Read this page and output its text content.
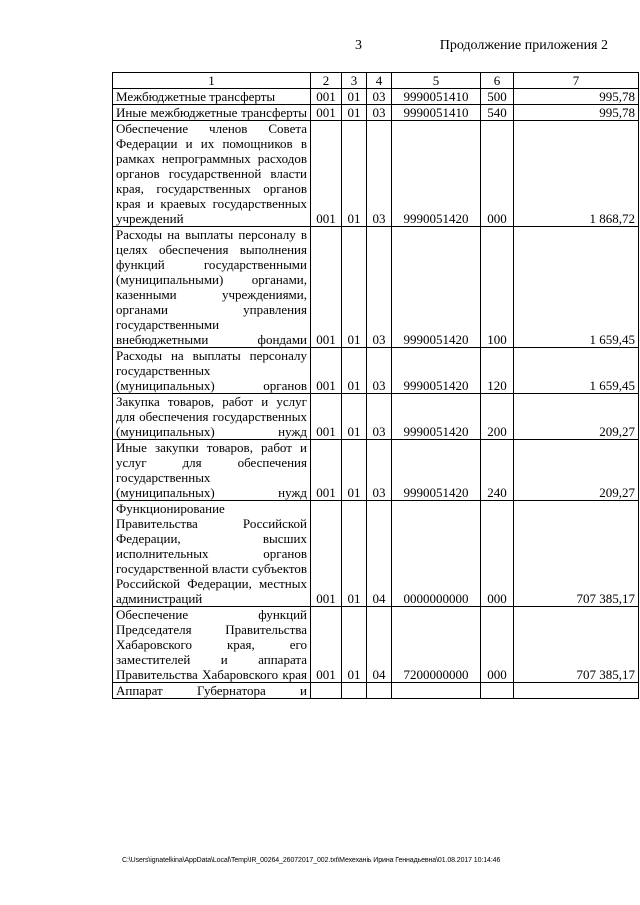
3	Продолжение приложения 2
1	2	3	4	5	6	7
Межбюджетные трансферты	001	01	03	9990051410	500	995,78
Иные межбюджетные трансферты	001	01	03	9990051410	540	995,78
Обеспечение членов Совета Федерации и их помощников в рамках непрограммных расходов органов государственной власти края, государственных органов края и краевых государственных учреждений	001	01	03	9990051420	000	1 868,72
Расходы на выплаты персоналу в целях обеспечения выполнения функций государственными (муниципальными) органами, казенными учреждениями, органами управления государственными внебюджетными фондами	001	01	03	9990051420	100	1 659,45
Расходы на выплаты персоналу государственных (муниципальных) органов	001	01	03	9990051420	120	1 659,45
Закупка товаров, работ и услуг для обеспечения государственных (муниципальных) нужд	001	01	03	9990051420	200	209,27
Иные закупки товаров, работ и услуг для обеспечения государственных (муниципальных) нужд	001	01	03	9990051420	240	209,27
Функционирование Правительства Российской Федерации, высших исполнительных органов государственной власти субъектов Российской Федерации, местных администраций	001	01	04	0000000000	000	707 385,17
Обеспечение функций Председателя Правительства Хабаровского края, его заместителей и аппарата Правительства Хабаровского края	001	01	04	7200000000	000	707 385,17
Аппарат Губернатора и						
C:\Users\ignatelkina\AppData\Local\Temp\IR_00264_26072017_002.txt\Мехеханіь Ирина Геннадьевна\01.08.2017 10:14:46
